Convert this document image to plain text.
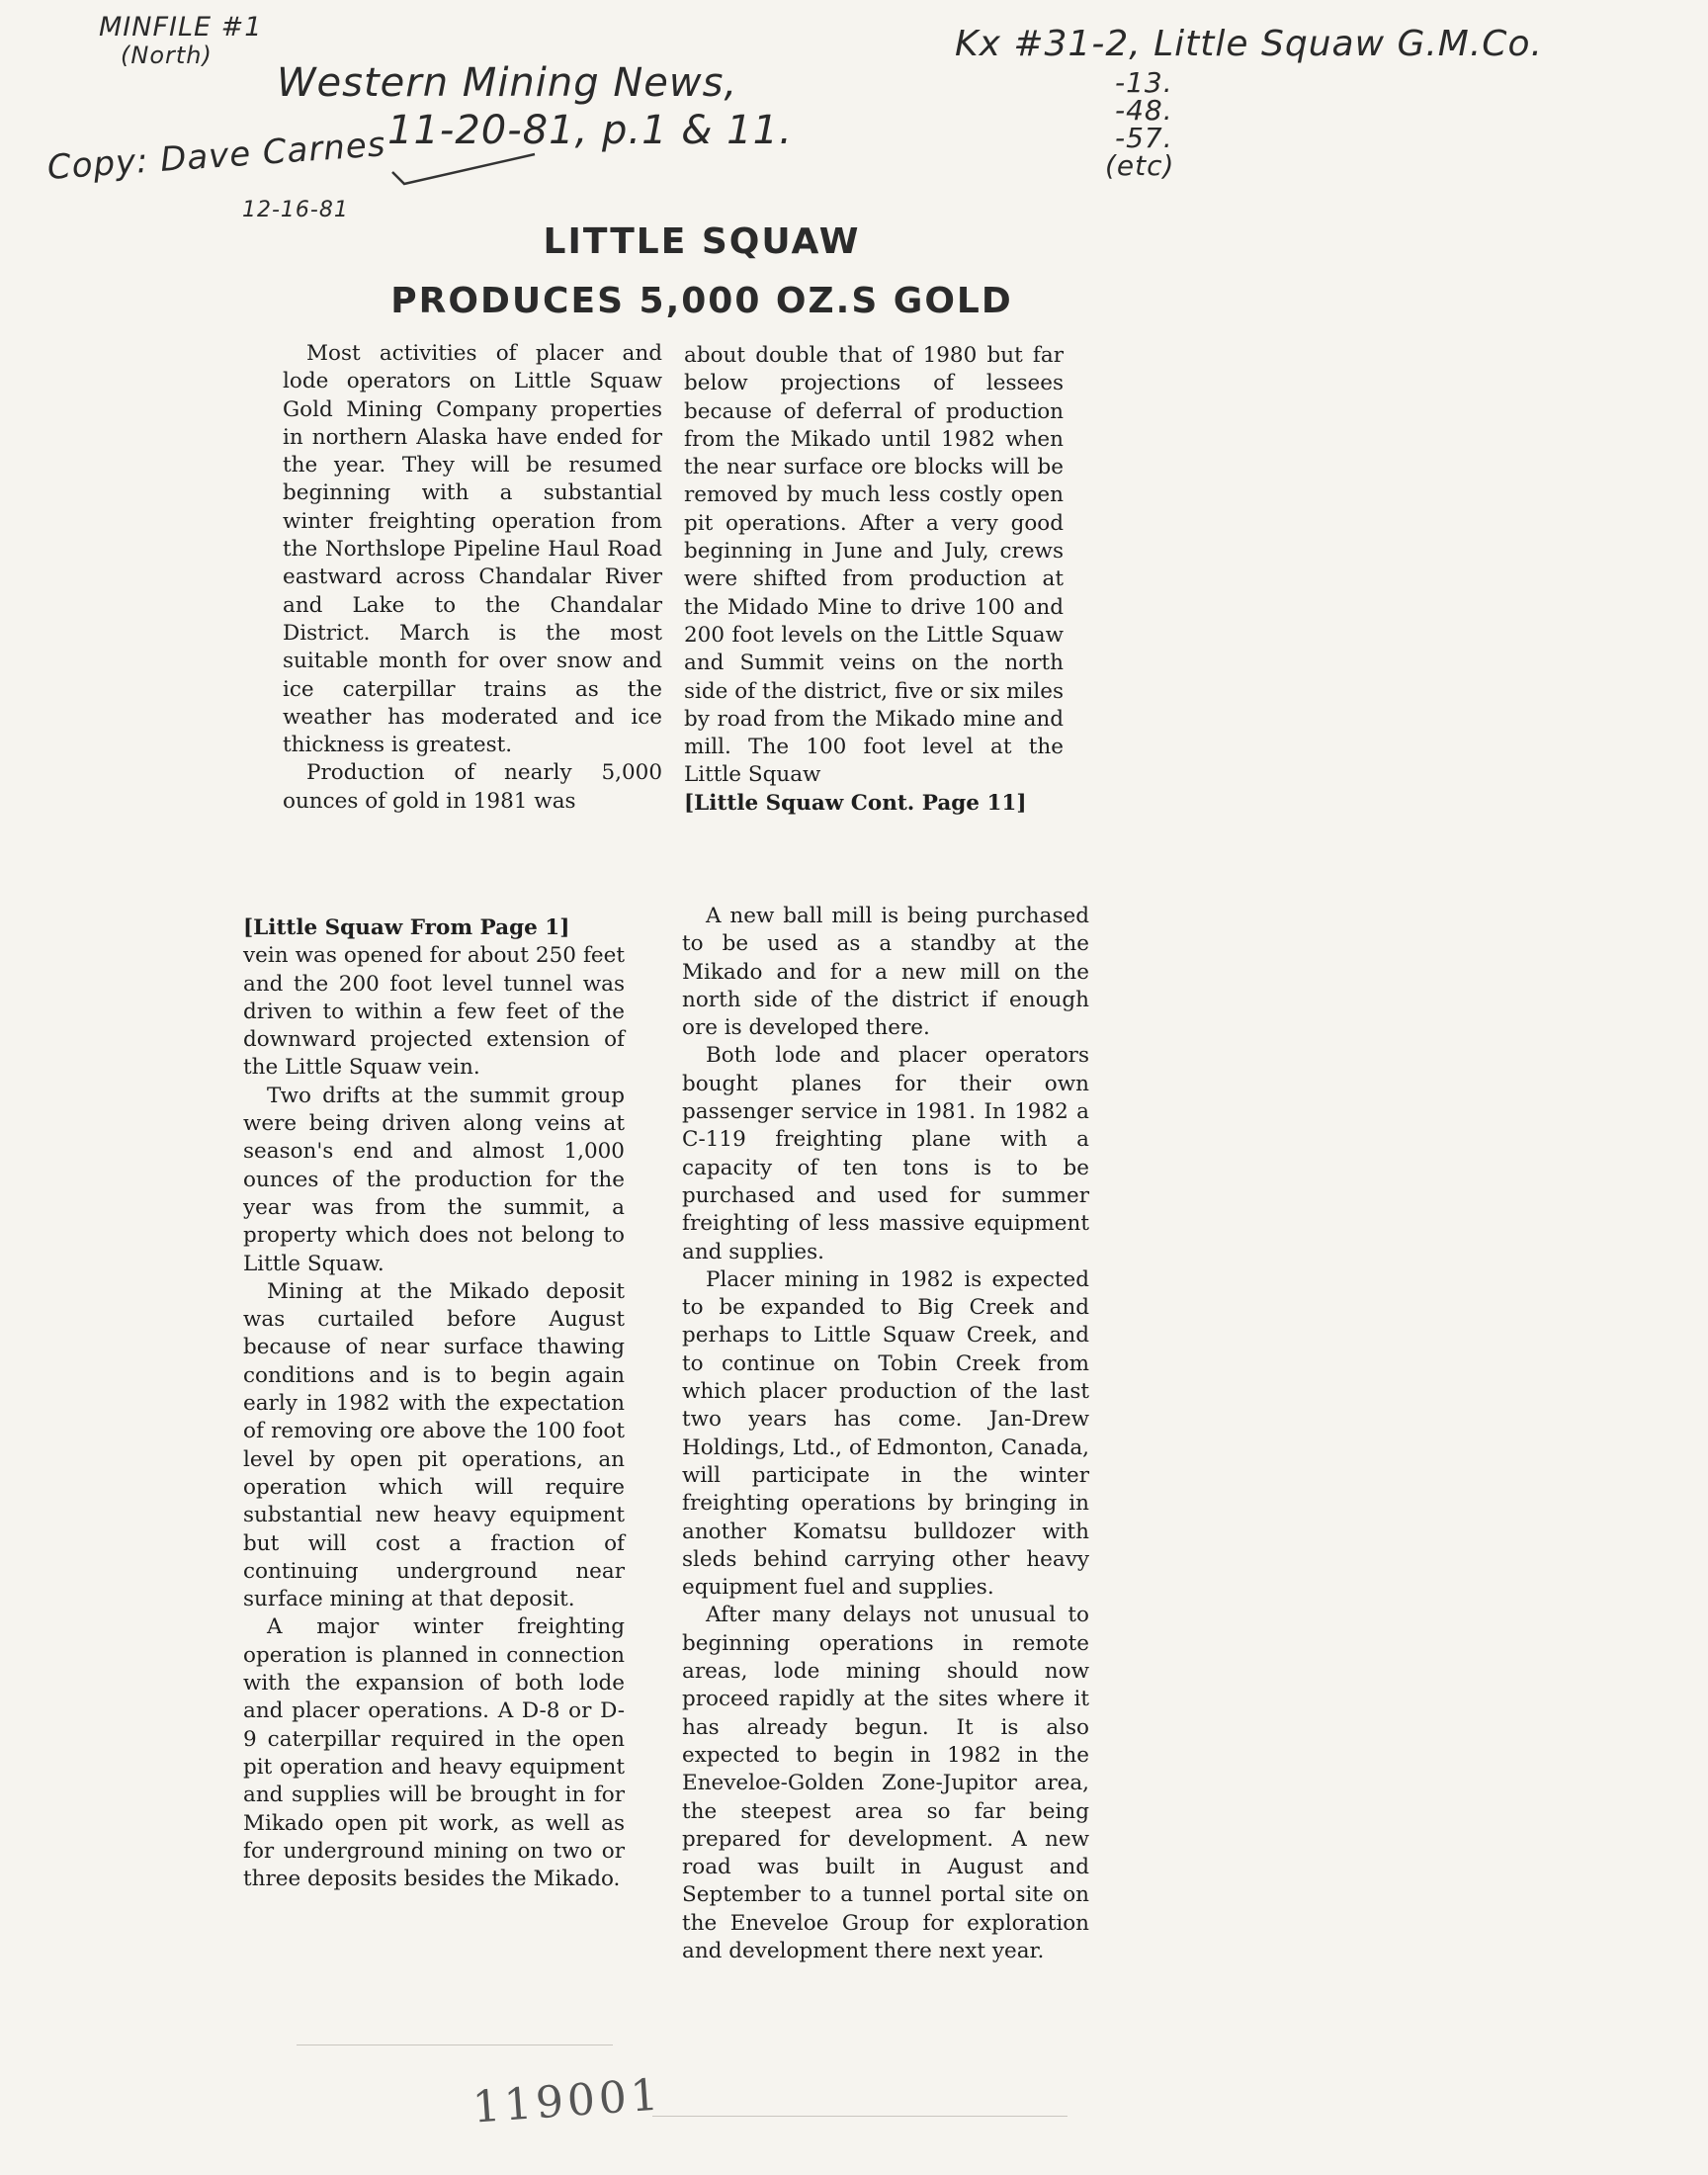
MINFILE #1
(North)
Western Mining News,
11-20-81, p.1 & 11.
Copy: Dave Carnes
12-16-81
Kx #31-2, Little Squaw G.M.Co.
-13.
-48.
-57.
(etc)
LITTLE SQUAW
PRODUCES 5,000 OZ.S GOLD

Most activities of placer and lode operators on Little Squaw Gold Mining Company properties in northern Alaska have ended for the year. They will be resumed beginning with a substantial winter freighting operation from the Northslope Pipeline Haul Road eastward across Chandalar River and Lake to the Chandalar District. March is the most suitable month for over snow and ice caterpillar trains as the weather has moderated and ice thickness is greatest.

Production of nearly 5,000 ounces of gold in 1981 was

about double that of 1980 but far below projections of lessees because of deferral of production from the Mikado until 1982 when the near surface ore blocks will be removed by much less costly open pit operations. After a very good beginning in June and July, crews were shifted from production at the Midado Mine to drive 100 and 200 foot levels on the Little Squaw and Summit veins on the north side of the district, five or six miles by road from the Mikado mine and mill. The 100 foot level at the Little Squaw

[Little Squaw Cont. Page 11]

[Little Squaw From Page 1]

vein was opened for about 250 feet and the 200 foot level tunnel was driven to within a few feet of the downward projected extension of the Little Squaw vein.

Two drifts at the summit group were being driven along veins at season's end and almost 1,000 ounces of the production for the year was from the summit, a property which does not belong to Little Squaw.

Mining at the Mikado deposit was curtailed before August because of near surface thawing conditions and is to begin again early in 1982 with the expectation of removing ore above the 100 foot level by open pit operations, an operation which will require substantial new heavy equipment but will cost a fraction of continuing underground near surface mining at that deposit.

A major winter freighting operation is planned in connection with the expansion of both lode and placer operations. A D-8 or D-9 caterpillar required in the open pit operation and heavy equipment and supplies will be brought in for Mikado open pit work, as well as for underground mining on two or three deposits besides the Mikado.

A new ball mill is being purchased to be used as a standby at the Mikado and for a new mill on the north side of the district if enough ore is developed there.

Both lode and placer operators bought planes for their own passenger service in 1981. In 1982 a C-119 freighting plane with a capacity of ten tons is to be purchased and used for summer freighting of less massive equipment and supplies.

Placer mining in 1982 is expected to be expanded to Big Creek and perhaps to Little Squaw Creek, and to continue on Tobin Creek from which placer production of the last two years has come. Jan-Drew Holdings, Ltd., of Edmonton, Canada, will participate in the winter freighting operations by bringing in another Komatsu bulldozer with sleds behind carrying other heavy equipment fuel and supplies.

After many delays not unusual to beginning operations in remote areas, lode mining should now proceed rapidly at the sites where it has already begun. It is also expected to begin in 1982 in the Eneveloe-Golden Zone-Jupitor area, the steepest area so far being prepared for development. A new road was built in August and September to a tunnel portal site on the Eneveloe Group for exploration and development there next year.

119001
